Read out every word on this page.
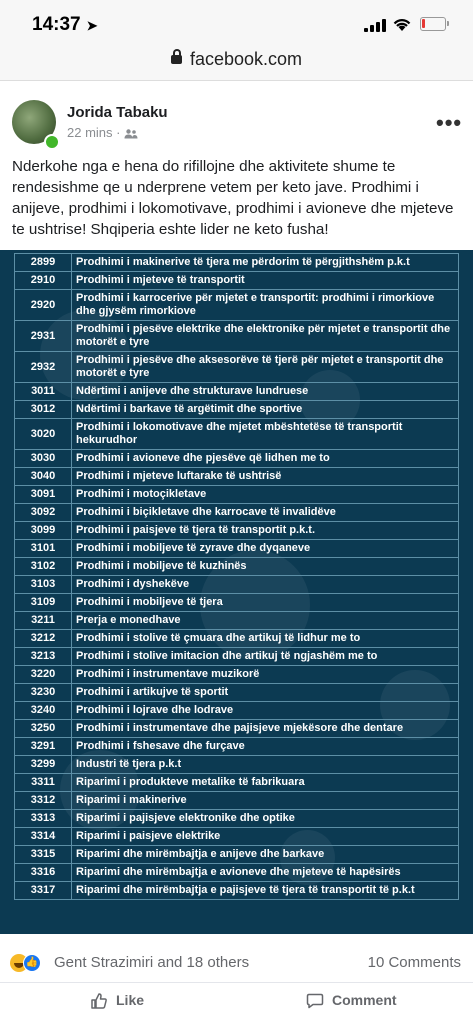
14:37 ➤
facebook.com
Jorida Tabaku
22 mins ·	•••
Nderkohe nga e hena do rifillojne dhe aktivitete shume te rendesishme qe u nderprene vetem per keto jave. Prodhimi i anijeve, prodhimi i lokomotivave, prodhimi i avioneve dhe mjeteve te ushtrise! Shqiperia eshte lider ne keto fusha!
2899	Prodhimi i makinerive të tjera me përdorim të përgjithshëm p.k.t
2910	Prodhimi i mjeteve të transportit
2920	Prodhimi i karrocerive për mjetet e transportit: prodhimi i rimorkiove dhe gjysëm rimorkiove
2931	Prodhimi i pjesëve elektrike dhe elektronike për mjetet e transportit dhe motorët e tyre
2932	Prodhimi i pjesëve dhe aksesorëve të tjerë për mjetet e transportit dhe motorët e tyre
3011	Ndërtimi i anijeve dhe strukturave lundruese
3012	Ndërtimi i barkave të argëtimit dhe sportive
3020	Prodhimi i lokomotivave dhe mjetet mbështetëse të transportit hekurudhor
3030	Prodhimi i avioneve dhe pjesëve që lidhen me to
3040	Prodhimi i mjeteve luftarake të ushtrisë
3091	Prodhimi i motoçikletave
3092	Prodhimi i biçikletave dhe karrocave të invalidëve
3099	Prodhimi i paisjeve të tjera të transportit p.k.t.
3101	Prodhimi i mobiljeve të zyrave dhe dyqaneve
3102	Prodhimi i mobiljeve të kuzhinës
3103	Prodhimi i dyshekëve
3109	Prodhimi i mobiljeve të tjera
3211	Prerja e monedhave
3212	Prodhimi i stolive të çmuara dhe artikuj të lidhur me to
3213	Prodhimi i stolive imitacion dhe artikuj të ngjashëm me to
3220	Prodhimi i instrumentave muzikorë
3230	Prodhimi i artikujve të sportit
3240	Prodhimi i lojrave dhe lodrave
3250	Prodhimi i instrumentave dhe pajisjeve mjekësore dhe dentare
3291	Prodhimi i fshesave dhe furçave
3299	Industri të tjera p.k.t
3311	Riparimi i produkteve metalike të fabrikuara
3312	Riparimi i makinerive
3313	Riparimi i pajisjeve elektronike dhe optike
3314	Riparimi i paisjeve elektrike
3315	Riparimi dhe mirëmbajtja e anijeve dhe barkave
3316	Riparimi dhe mirëmbajtja e avioneve dhe mjeteve të hapësirës
3317	Riparimi dhe mirëmbajtja e pajisjeve të tjera të transportit të p.k.t
👍 Gent Strazimiri and 18 others	10 Comments
Like	Comment
